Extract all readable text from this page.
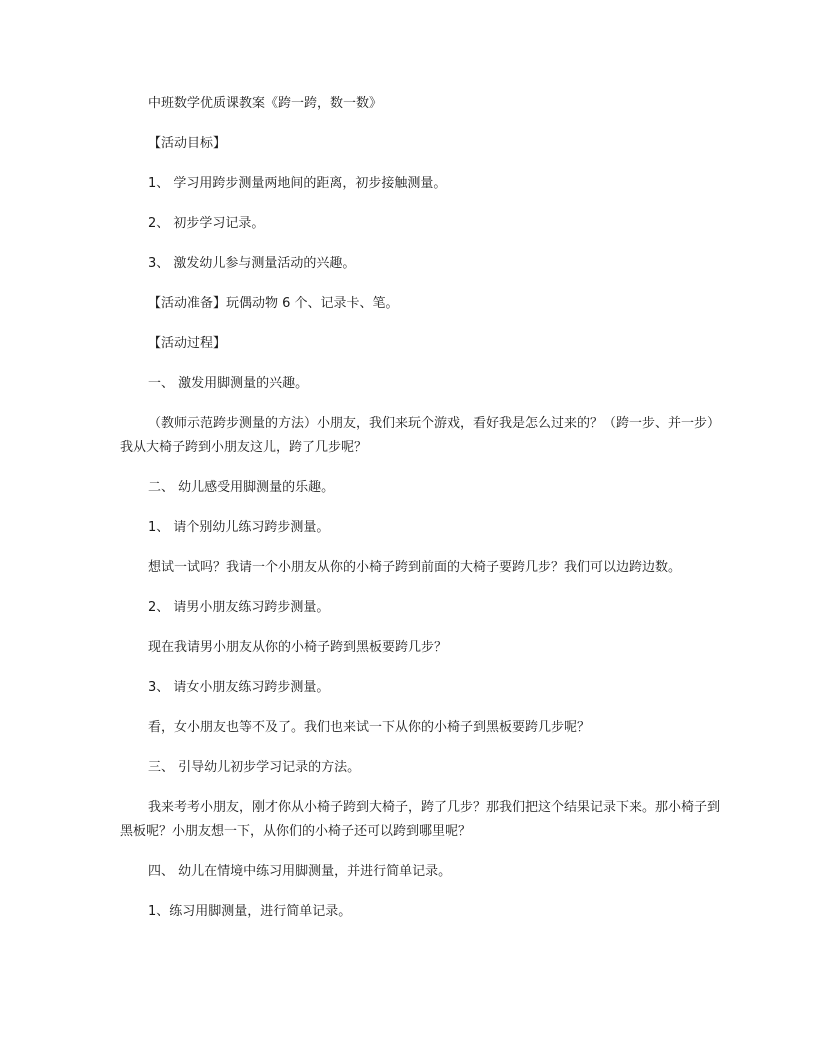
中班数学优质课教案《跨一跨，数一数》

【活动目标】

1、 学习用跨步测量两地间的距离，初步接触测量。

2、 初步学习记录。

3、 激发幼儿参与测量活动的兴趣。

【活动准备】玩偶动物 6 个、记录卡、笔。

【活动过程】

一、 激发用脚测量的兴趣。

（教师示范跨步测量的方法）小朋友，我们来玩个游戏，看好我是怎么过来的？（跨一步、并一步）我从大椅子跨到小朋友这儿，跨了几步呢？

二、 幼儿感受用脚测量的乐趣。

1、 请个别幼儿练习跨步测量。

想试一试吗？我请一个小朋友从你的小椅子跨到前面的大椅子要跨几步？我们可以边跨边数。

2、 请男小朋友练习跨步测量。

现在我请男小朋友从你的小椅子跨到黑板要跨几步？

3、 请女小朋友练习跨步测量。

看，女小朋友也等不及了。我们也来试一下从你的小椅子到黑板要跨几步呢？

三、 引导幼儿初步学习记录的方法。

我来考考小朋友，刚才你从小椅子跨到大椅子，跨了几步？那我们把这个结果记录下来。那小椅子到黑板呢？小朋友想一下，从你们的小椅子还可以跨到哪里呢？

四、 幼儿在情境中练习用脚测量，并进行简单记录。

1、练习用脚测量，进行简单记录。
